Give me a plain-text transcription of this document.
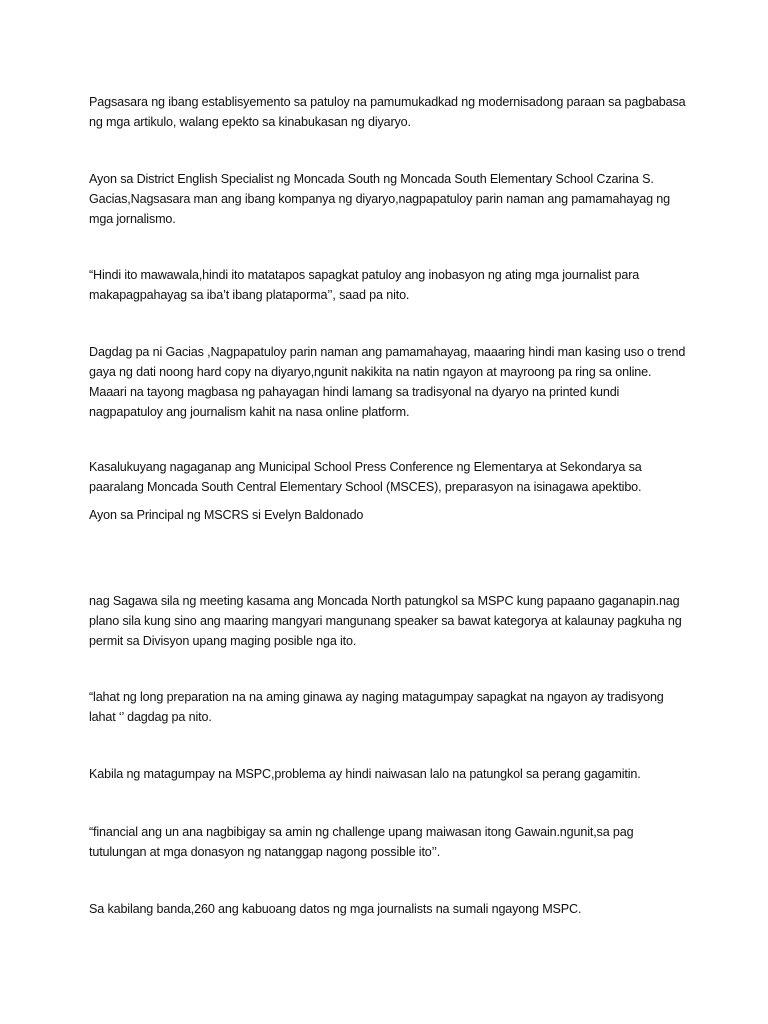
Pagsasara ng ibang establisyemento sa patuloy na pamumukadkad ng modernisadong paraan sa pagbabasa ng mga artikulo, walang epekto sa kinabukasan ng diyaryo.

Ayon sa District English Specialist ng Moncada South ng Moncada South Elementary School Czarina S. Gacias,Nagsasara man ang ibang kompanya ng diyaryo,nagpapatuloy parin naman ang pamamahayag ng mga jornalismo.

“Hindi ito mawawala,hindi ito matatapos sapagkat patuloy ang inobasyon ng ating mga journalist para makapagpahayag sa iba’t ibang plataporma’’, saad pa nito.

Dagdag pa ni Gacias ,Nagpapatuloy parin naman ang pamamahayag, maaaring hindi man kasing uso o trend gaya ng dati noong hard copy na diyaryo,ngunit nakikita na natin ngayon at mayroong pa ring sa online. Maaari na tayong magbasa ng pahayagan hindi lamang sa tradisyonal na dyaryo na printed kundi nagpapatuloy ang journalism kahit na nasa online platform.

Kasalukuyang nagaganap ang Municipal School Press Conference ng Elementarya at Sekondarya sa paaralang Moncada South Central Elementary School (MSCES), preparasyon na isinagawa apektibo.

Ayon sa Principal ng MSCRS si Evelyn Baldonado

nag Sagawa sila ng meeting kasama ang Moncada North patungkol sa MSPC kung papaano gaganapin.nag plano sila kung sino ang maaring mangyari mangunang speaker sa bawat kategorya at kalaunay pagkuha ng permit sa Divisyon upang maging posible nga ito.

“lahat ng long preparation na na aming ginawa ay naging matagumpay sapagkat na ngayon ay tradisyong lahat ‘’ dagdag pa nito.

Kabila ng matagumpay na MSPC,problema ay hindi naiwasan lalo na patungkol sa perang gagamitin.

“financial ang un ana nagbibigay sa amin ng challenge upang maiwasan itong Gawain.ngunit,sa pag tutulungan at mga donasyon ng natanggap nagong possible ito’’.

Sa kabilang banda,260 ang kabuoang datos ng mga journalists na sumali ngayong MSPC.
